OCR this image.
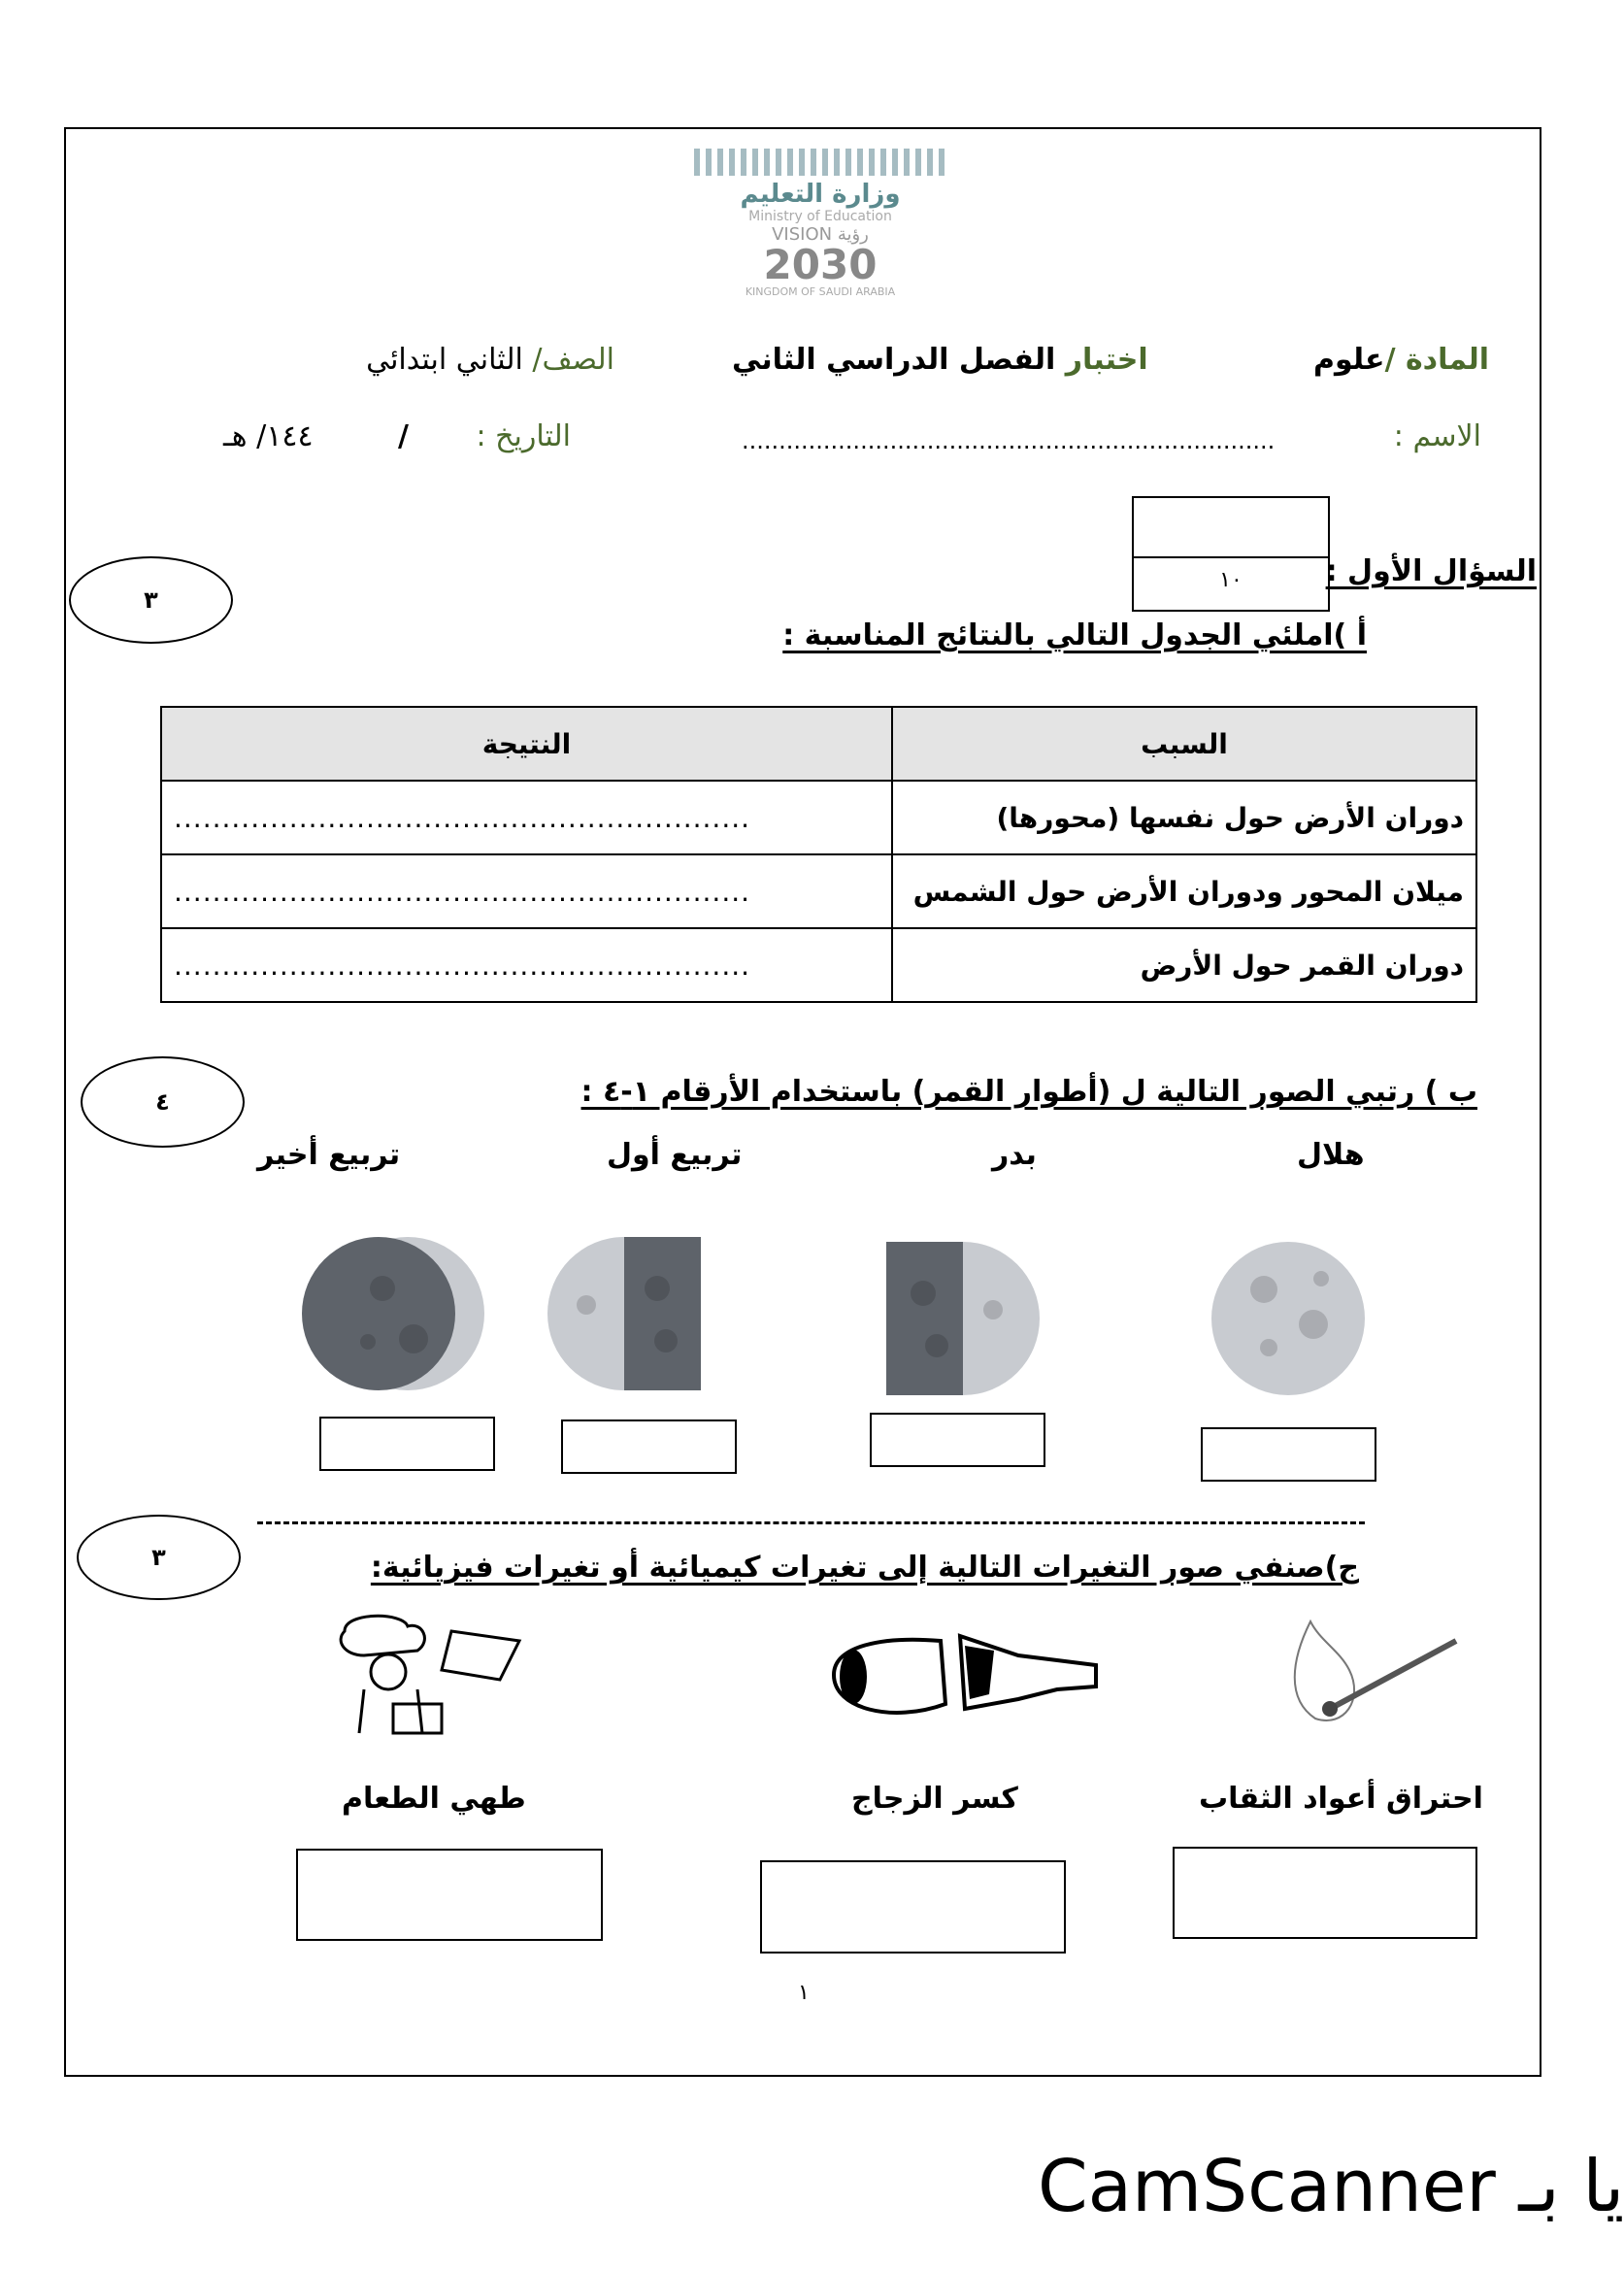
وزارة التعليم
Ministry of Education
VISION رؤية
2030
KINGDOM OF SAUDI ARABIA
المادة /علوم
اختبار الفصل الدراسي الثاني
الصف/ الثاني ابتدائي
الاسم :
........................................................................
التاريخ :
/
١٤٤/ هـ
١٠	السؤال الأول :
٣
أ )املئي الجدول التالي بالنتائج المناسبة :
السبب	النتيجة
دوران الأرض حول نفسها (محورها)	............................................................
ميلان المحور ودوران الأرض حول الشمس	............................................................
دوران القمر حول الأرض	............................................................
٤	ب ) رتبي الصور التالية ل (أطوار القمر) باستخدام الأرقام ١-٤ :
هلال
بدر
تربيع أول
تربيع أخير
٣	ج)صنفي صور التغيرات التالية إلى تغيرات كيميائية أو تغيرات فيزيائية:
احتراق أعواد الثقاب
كسر الزجاج
طهي الطعام
١
CamScanner يا بـ
